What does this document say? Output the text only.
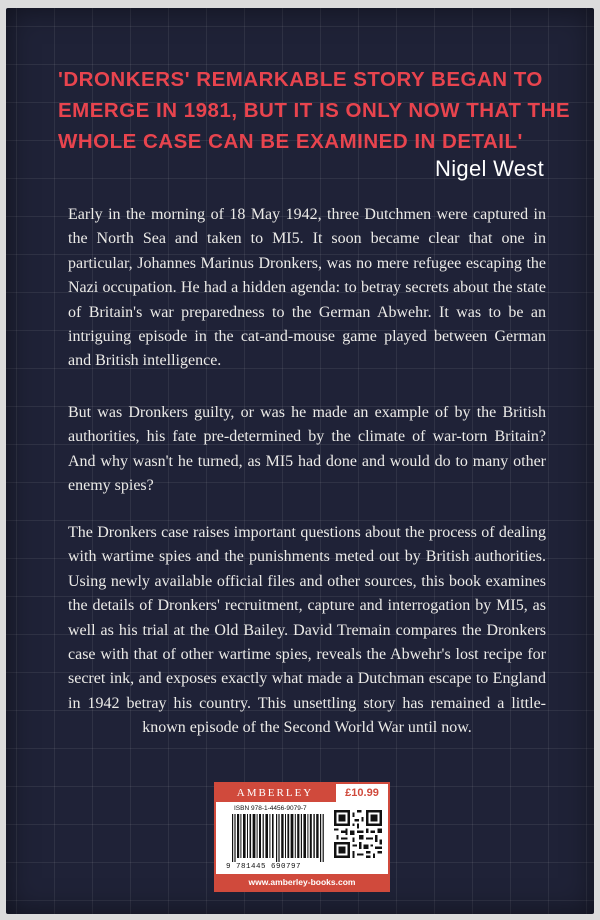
'DRONKERS' REMARKABLE STORY BEGAN TO EMERGE IN 1981, BUT IT IS ONLY NOW THAT THE WHOLE CASE CAN BE EXAMINED IN DETAIL'
Nigel West
Early in the morning of 18 May 1942, three Dutchmen were captured in the North Sea and taken to MI5. It soon became clear that one in particular, Johannes Marinus Dronkers, was no mere refugee escaping the Nazi occupation. He had a hidden agenda: to betray secrets about the state of Britain's war preparedness to the German Abwehr. It was to be an intriguing episode in the cat-and-mouse game played between German and British intelligence.
But was Dronkers guilty, or was he made an example of by the British authorities, his fate pre-determined by the climate of war-torn Britain? And why wasn't he turned, as MI5 had done and would do to many other enemy spies?
The Dronkers case raises important questions about the process of dealing with wartime spies and the punishments meted out by British authorities. Using newly available official files and other sources, this book examines the details of Dronkers' recruitment, capture and interrogation by MI5, as well as his trial at the Old Bailey. David Tremain compares the Dronkers case with that of other wartime spies, reveals the Abwehr's lost recipe for secret ink, and exposes exactly what made a Dutchman escape to England in 1942 betray his country. This unsettling story has remained a little-known episode of the Second World War until now.
AMBERLEY	£10.99
ISBN 978-1-4456-9079-7
9 781445 690797
www.amberley-books.com
